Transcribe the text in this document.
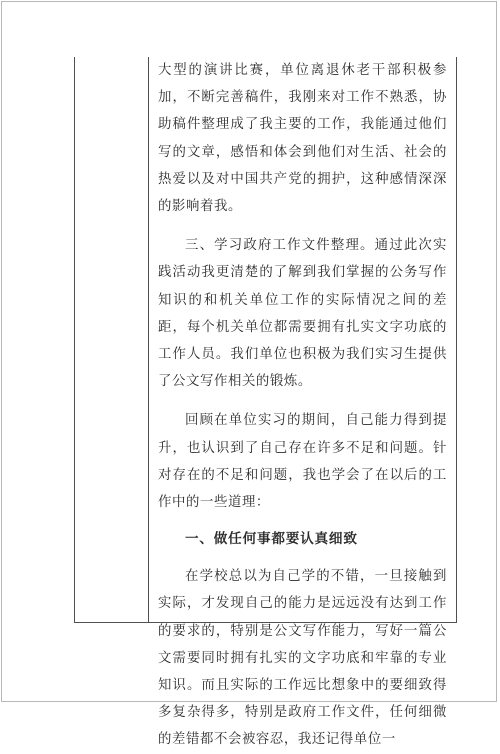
大型的演讲比赛，单位离退休老干部积极参加，不断完善稿件，我刚来对工作不熟悉，协助稿件整理成了我主要的工作，我能通过他们写的文章，感悟和体会到他们对生活、社会的热爱以及对中国共产党的拥护，这种感情深深的影响着我。

三、学习政府工作文件整理。通过此次实践活动我更清楚的了解到我们掌握的公务写作知识的和机关单位工作的实际情况之间的差距，每个机关单位都需要拥有扎实文字功底的工作人员。我们单位也积极为我们实习生提供了公文写作相关的锻炼。

回顾在单位实习的期间，自己能力得到提升，也认识到了自己存在许多不足和问题。针对存在的不足和问题，我也学会了在以后的工作中的一些道理：

一、做任何事都要认真细致

在学校总以为自己学的不错，一旦接触到实际，才发现自己的能力是远远没有达到工作的要求的，特别是公文写作能力，写好一篇公文需要同时拥有扎实的文字功底和牢靠的专业知识。而且实际的工作远比想象中的要细致得多复杂得多，特别是政府工作文件，任何细微的差错都不会被容忍，我还记得单位一
